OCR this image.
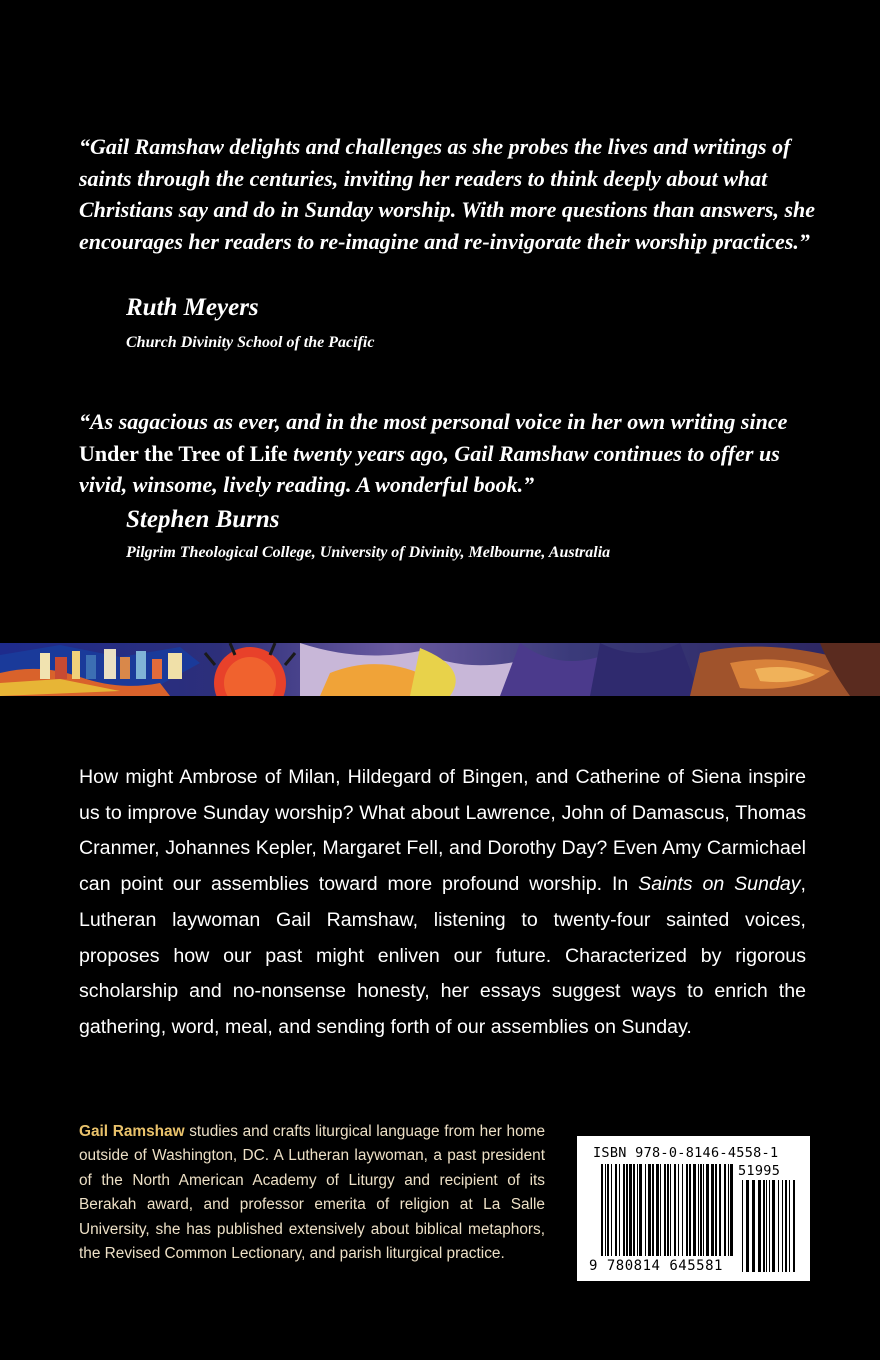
“Gail Ramshaw delights and challenges as she probes the lives and writings of saints through the centuries, inviting her readers to think deeply about what Christians say and do in Sunday worship. With more questions than answers, she encourages her readers to re-imagine and re-invigorate their worship practices.”
Ruth Meyers
Church Divinity School of the Pacific
“As sagacious as ever, and in the most personal voice in her own writing since Under the Tree of Life twenty years ago, Gail Ramshaw continues to offer us vivid, winsome, lively reading. A wonderful book.”
Stephen Burns
Pilgrim Theological College, University of Divinity, Melbourne, Australia
How might Ambrose of Milan, Hildegard of Bingen, and Catherine of Siena inspire us to improve Sunday worship? What about Lawrence, John of Damascus, Thomas Cranmer, Johannes Kepler, Margaret Fell, and Dorothy Day? Even Amy Carmichael can point our assemblies toward more profound worship. In Saints on Sunday, Lutheran laywoman Gail Ramshaw, listening to twenty-four sainted voices, proposes how our past might enliven our future. Characterized by rigorous scholarship and no-nonsense honesty, her essays suggest ways to enrich the gathering, word, meal, and sending forth of our assemblies on Sunday.
Gail Ramshaw studies and crafts liturgical language from her home outside of Washington, DC. A Lutheran laywoman, a past president of the North American Academy of Liturgy and recipient of its Berakah award, and professor emerita of religion at La Salle University, she has published extensively about biblical metaphors, the Revised Common Lectionary, and parish liturgical practice.
ISBN 978-0-8146-4558-1
51995
9 780814 645581
